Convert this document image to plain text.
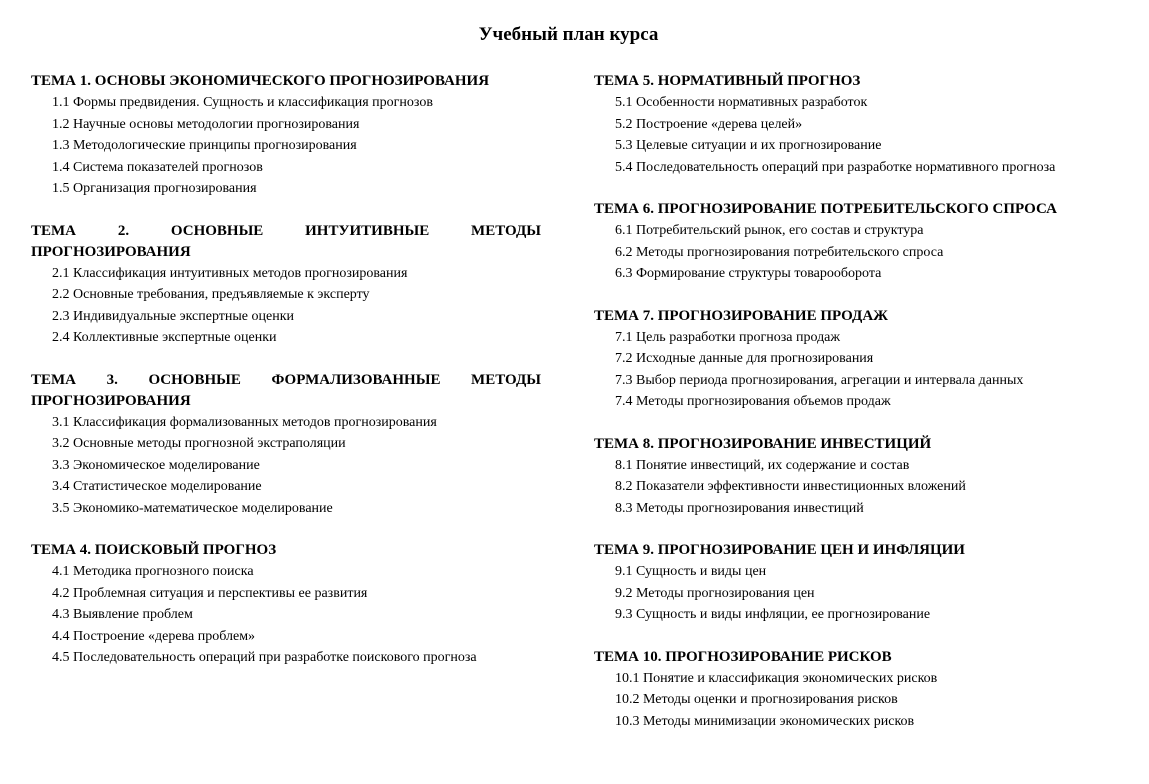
Учебный план курса
ТЕМА 1. ОСНОВЫ ЭКОНОМИЧЕСКОГО ПРОГНОЗИРОВАНИЯ
1.1 Формы предвидения. Сущность и классификация прогнозов
1.2 Научные основы методологии прогнозирования
1.3 Методологические принципы прогнозирования
1.4 Система показателей прогнозов
1.5 Организация прогнозирования
ТЕМА 2. ОСНОВНЫЕ ИНТУИТИВНЫЕ МЕТОДЫ ПРОГНОЗИРОВАНИЯ
2.1 Классификация интуитивных методов прогнозирования
2.2 Основные требования, предъявляемые к эксперту
2.3 Индивидуальные экспертные оценки
2.4 Коллективные экспертные оценки
ТЕМА 3. ОСНОВНЫЕ ФОРМАЛИЗОВАННЫЕ МЕТОДЫ ПРОГНОЗИРОВАНИЯ
3.1 Классификация формализованных методов прогнозирования
3.2 Основные методы прогнозной экстраполяции
3.3 Экономическое моделирование
3.4 Статистическое моделирование
3.5 Экономико-математическое моделирование
ТЕМА 4. ПОИСКОВЫЙ ПРОГНОЗ
4.1 Методика прогнозного поиска
4.2 Проблемная ситуация и перспективы ее развития
4.3 Выявление проблем
4.4 Построение «дерева проблем»
4.5 Последовательность операций при разработке поискового прогноза
ТЕМА 5. НОРМАТИВНЫЙ ПРОГНОЗ
5.1 Особенности нормативных разработок
5.2 Построение «дерева целей»
5.3 Целевые ситуации и их прогнозирование
5.4 Последовательность операций при разработке нормативного прогноза
ТЕМА 6. ПРОГНОЗИРОВАНИЕ ПОТРЕБИТЕЛЬСКОГО СПРОСА
6.1 Потребительский рынок, его состав и структура
6.2 Методы прогнозирования потребительского спроса
6.3 Формирование структуры товарооборота
ТЕМА 7. ПРОГНОЗИРОВАНИЕ ПРОДАЖ
7.1 Цель разработки прогноза продаж
7.2 Исходные данные для прогнозирования
7.3 Выбор периода прогнозирования, агрегации и интервала данных
7.4 Методы прогнозирования объемов продаж
ТЕМА 8. ПРОГНОЗИРОВАНИЕ ИНВЕСТИЦИЙ
8.1 Понятие инвестиций, их содержание и состав
8.2 Показатели эффективности инвестиционных вложений
8.3 Методы прогнозирования инвестиций
ТЕМА 9. ПРОГНОЗИРОВАНИЕ ЦЕН И ИНФЛЯЦИИ
9.1 Сущность и виды цен
9.2 Методы прогнозирования цен
9.3 Сущность и виды инфляции, ее прогнозирование
ТЕМА 10. ПРОГНОЗИРОВАНИЕ РИСКОВ
10.1 Понятие и классификация экономических рисков
10.2 Методы оценки и прогнозирования рисков
10.3 Методы минимизации экономических рисков
